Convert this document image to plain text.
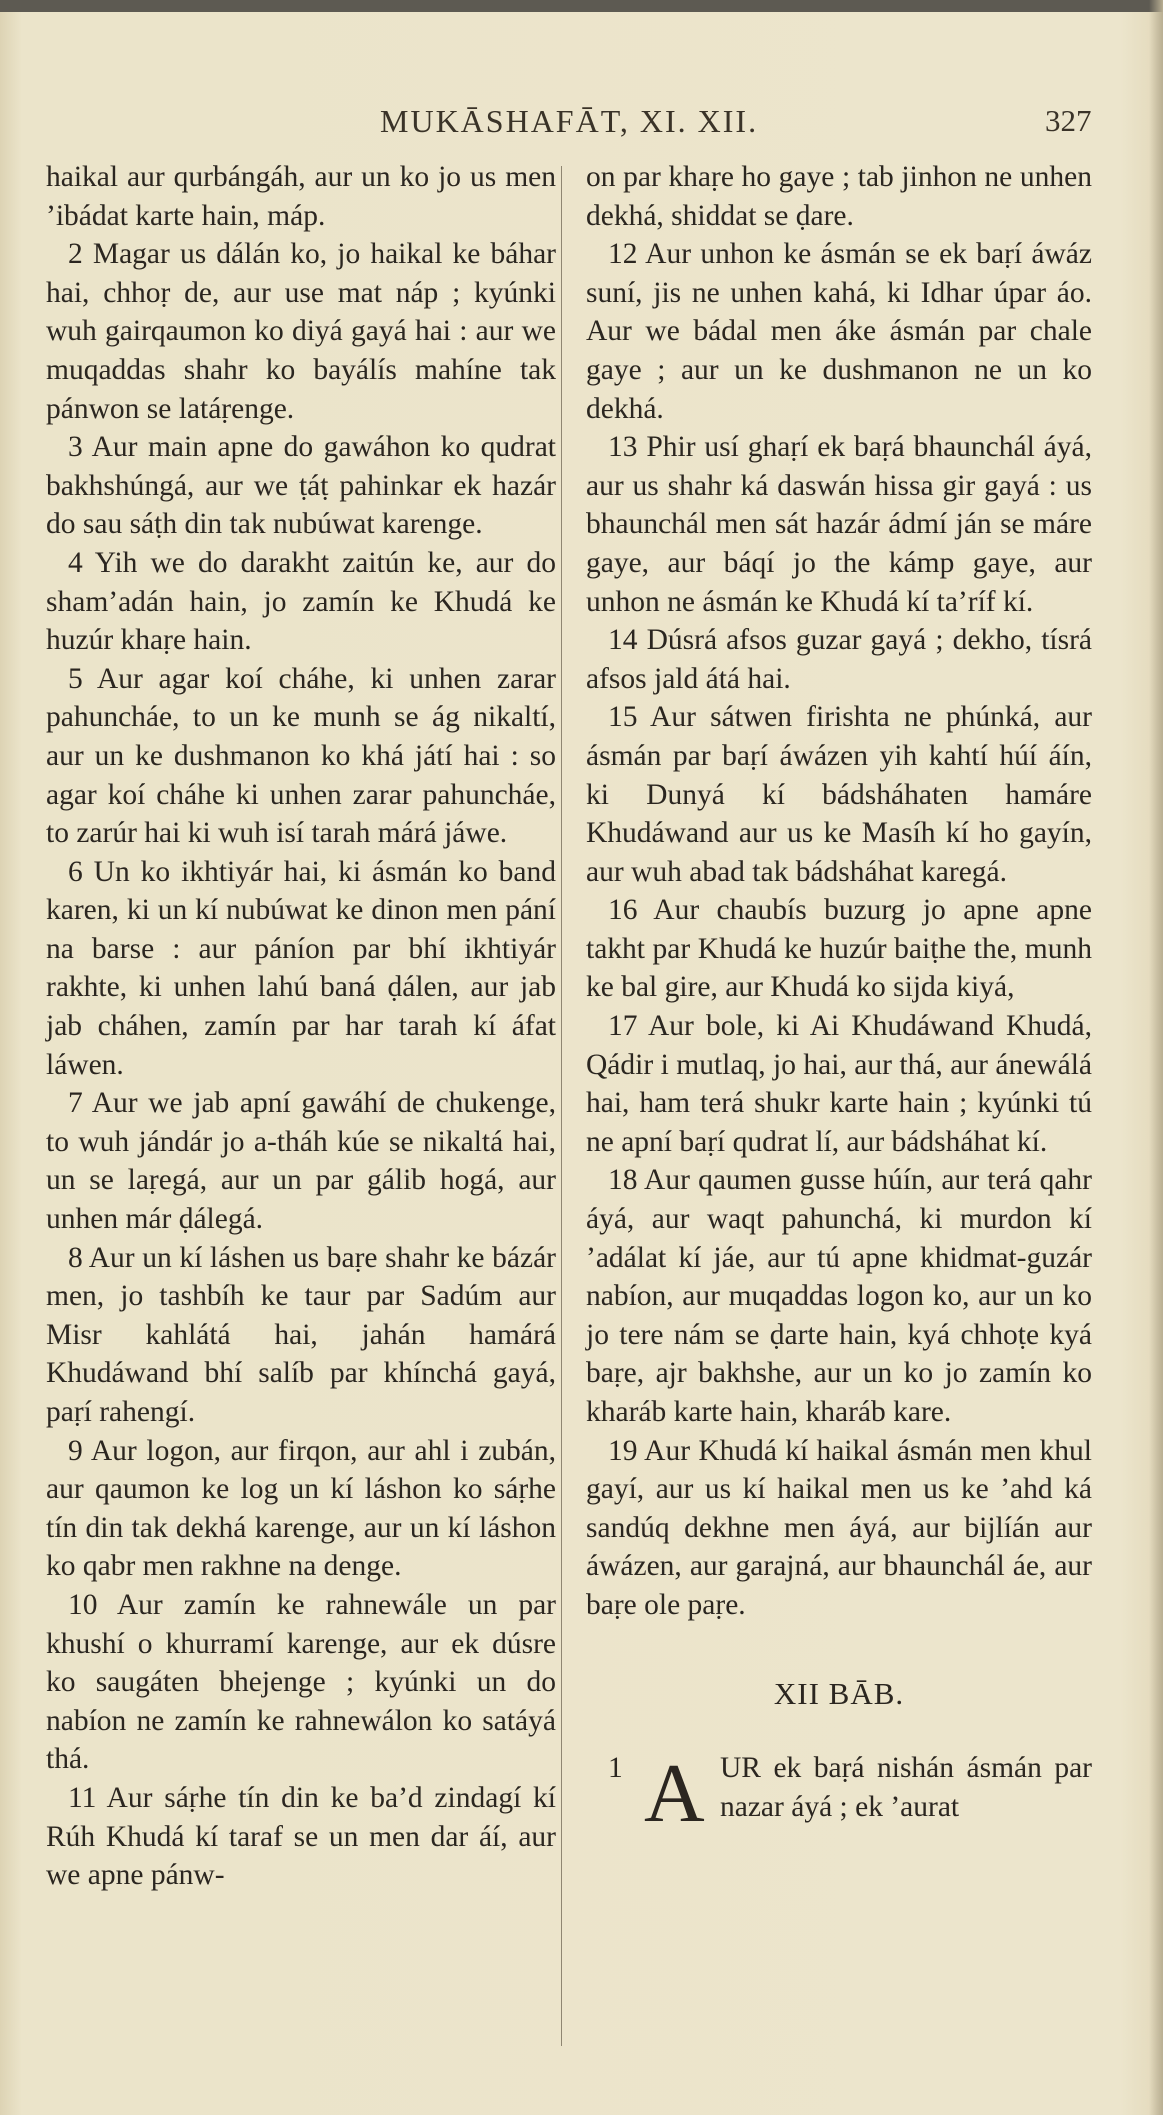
MUKĀSHAFĀT, XI. XII.	327

haikal aur qurbángáh, aur un ko jo us men ’ibádat karte hain, máp.

2 Magar us dálán ko, jo haikal ke báhar hai, chhoṛ de, aur use mat náp ; kyúnki wuh gairqaumon ko diyá gayá hai : aur we muqaddas shahr ko bayálís mahíne tak pánwon se latáṛenge.

3 Aur main apne do gawáhon ko qudrat bakhshúngá, aur we ṭáṭ pahinkar ek hazár do sau sáṭh din tak nubúwat karenge.

4 Yih we do darakht zaitún ke, aur do sham’adán hain, jo zamín ke Khudá ke huzúr khaṛe hain.

5 Aur agar koí cháhe, ki unhen zarar pahuncháe, to un ke munh se ág nikaltí, aur un ke dushmanon ko khá játí hai : so agar koí cháhe ki unhen zarar pahuncháe, to zarúr hai ki wuh isí tarah márá jáwe.

6 Un ko ikhtiyár hai, ki ásmán ko band karen, ki un kí nubúwat ke dinon men pání na barse : aur páníon par bhí ikhtiyár rakhte, ki unhen lahú baná ḍálen, aur jab jab cháhen, zamín par har tarah kí áfat láwen.

7 Aur we jab apní gawáhí de chukenge, to wuh jándár jo a-tháh kúe se nikaltá hai, un se laṛegá, aur un par gálib hogá, aur unhen már ḍálegá.

8 Aur un kí láshen us baṛe shahr ke bázár men, jo tashbíh ke taur par Sadúm aur Misr kahlátá hai, jahán hamárá Khudáwand bhí salíb par khínchá gayá, paṛí rahengí.

9 Aur logon, aur firqon, aur ahl i zubán, aur qaumon ke log un kí láshon ko sáṛhe tín din tak dekhá karenge, aur un kí láshon ko qabr men rakhne na denge.

10 Aur zamín ke rahnewále un par khushí o khurramí karenge, aur ek dúsre ko saugáten bhejenge ; kyúnki un do nabíon ne zamín ke rahnewálon ko satáyá thá.

11 Aur sáṛhe tín din ke ba’d zindagí kí Rúh Khudá kí taraf se un men dar áí, aur we apne pánw-

on par khaṛe ho gaye ; tab jinhon ne unhen dekhá, shiddat se ḍare.

12 Aur unhon ke ásmán se ek baṛí áwáz suní, jis ne unhen kahá, ki Idhar úpar áo. Aur we bádal men áke ásmán par chale gaye ; aur un ke dushmanon ne un ko dekhá.

13 Phir usí ghaṛí ek baṛá bhaunchál áyá, aur us shahr ká daswán hissa gir gayá : us bhaunchál men sát hazár ádmí ján se máre gaye, aur báqí jo the kámp gaye, aur unhon ne ásmán ke Khudá kí ta’ríf kí.

14 Dúsrá afsos guzar gayá ; dekho, tísrá afsos jald átá hai.

15 Aur sátwen firishta ne phúnká, aur ásmán par baṛí áwázen yih kahtí húí áín, ki Dunyá kí bádsháhaten hamáre Khudáwand aur us ke Masíh kí ho gayín, aur wuh abad tak bádsháhat karegá.

16 Aur chaubís buzurg jo apne apne takht par Khudá ke huzúr baiṭhe the, munh ke bal gire, aur Khudá ko sijda kiyá,

17 Aur bole, ki Ai Khudáwand Khudá, Qádir i mutlaq, jo hai, aur thá, aur ánewálá hai, ham terá shukr karte hain ; kyúnki tú ne apní baṛí qudrat lí, aur bádsháhat kí.

18 Aur qaumen gusse húín, aur terá qahr áyá, aur waqt pahunchá, ki murdon kí ’adálat kí jáe, aur tú apne khidmat-guzár nabíon, aur muqaddas logon ko, aur un ko jo tere nám se ḍarte hain, kyá chhoṭe kyá baṛe, ajr bakhshe, aur un ko jo zamín ko kharáb karte hain, kharáb kare.

19 Aur Khudá kí haikal ásmán men khul gayí, aur us kí haikal men us ke ’ahd ká sandúq dekhne men áyá, aur bijlíán aur áwázen, aur garajná, aur bhaunchál áe, aur baṛe ole paṛe.

XII BĀB.
1 A UR ek baṛá nishán ásmán par nazar áyá ; ek ’aurat
